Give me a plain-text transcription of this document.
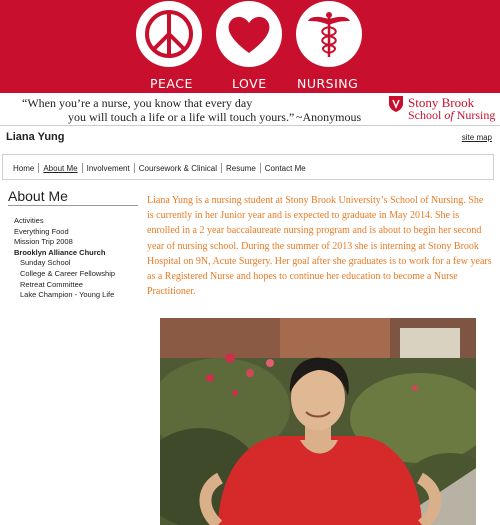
PEACE	LOVE NURSING
“When you’re a nurse, you know that every day
you will touch a life or a life will touch yours.” ~Anonymous
Stony Brook
School of Nursing
Liana Yung	site map
Home	About Me	Involvement	Coursework & Clinical	Resume	Contact Me
About Me
Activities
Everything Food
Mission Trip 2008
Brooklyn Alliance Church
Sunday School
College & Career Fellowship
Retreat Committee
Lake Champion - Young Life
Liana Yung is a nursing student at Stony Brook University’s School of Nursing. She is currently in her Junior year and is expected to graduate in May 2014. She is enrolled in a 2 year baccalaureate nursing program and is about to begin her second year of nursing school. During the summer of 2013 she is interning at Stony Brook Hospital on 9N, Acute Surgery. Her goal after she graduates is to work for a few years as a Registered Nurse and hopes to continue her education to become a Nurse Practitioner.
